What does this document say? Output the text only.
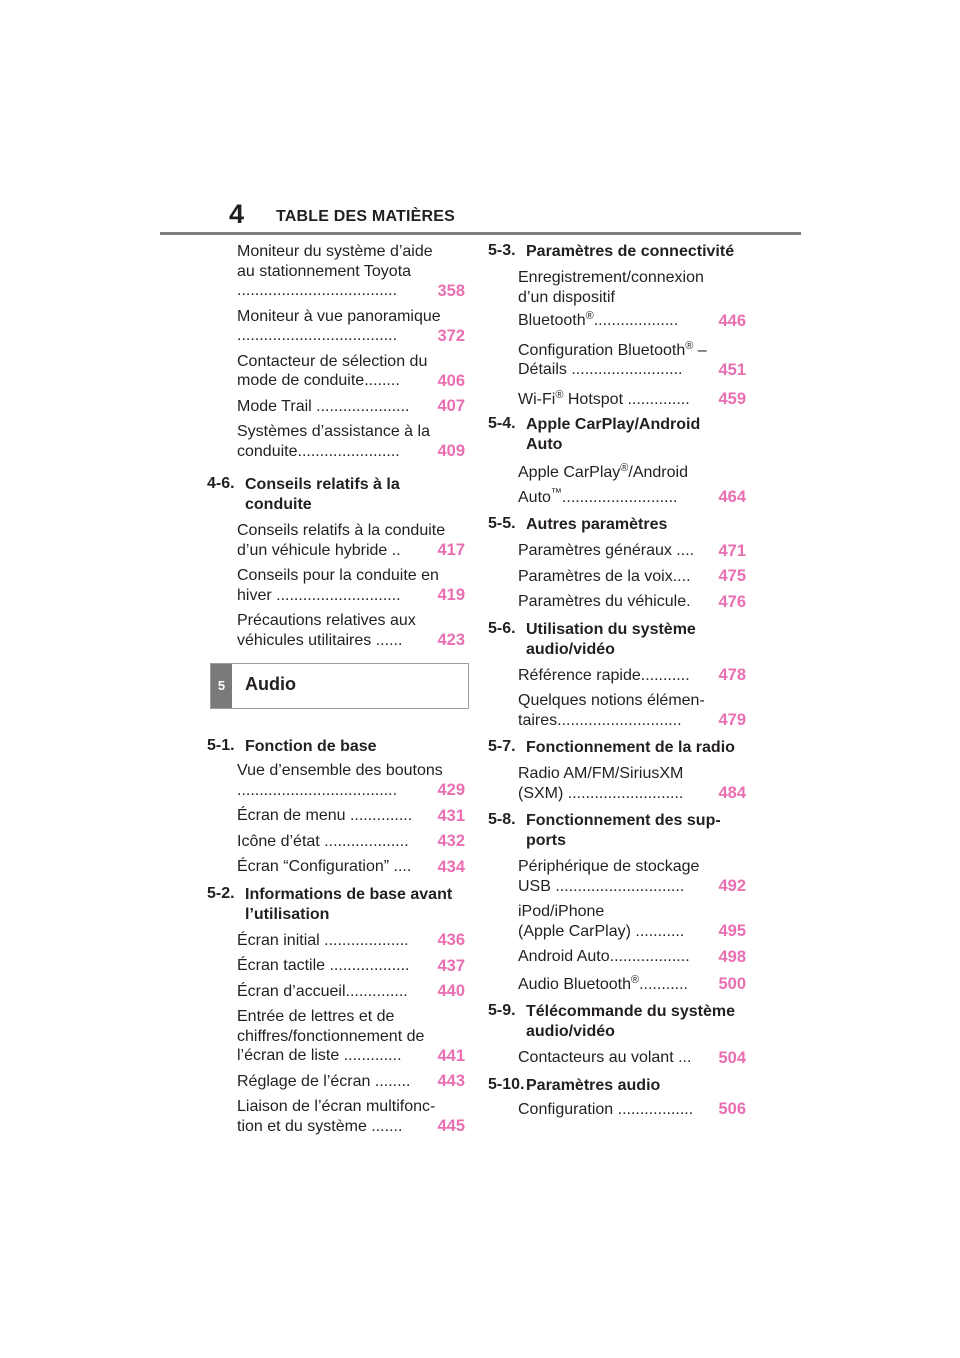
4 TABLE DES MATIÈRES
Moniteur du système d’aide
au stationnement Toyota
....................................	358
Moniteur à vue panoramique
....................................	372
Contacteur de sélection du
mode de conduite........	406
Mode Trail .....................	407
Systèmes d’assistance à la
conduite.......................	409
4-6. Conseils relatifs à la
conduite
Conseils relatifs à la conduite
d’un véhicule hybride ..	417
Conseils pour la conduite en
hiver ............................	419
Précautions relatives aux
véhicules utilitaires ......	423
5	Audio
5-1. Fonction de base
Vue d’ensemble des boutons
....................................	429
Écran de menu ..............	431
Icône d’état ...................	432
Écran “Configuration” ....	434
5-2. Informations de base avant
l’utilisation
Écran initial ...................	436
Écran tactile ..................	437
Écran d’accueil..............	440
Entrée de lettres et de
chiffres/fonctionnement de
l’écran de liste .............	441
Réglage de l’écran ........	443
Liaison de l’écran multifonc-
tion et du système .......	445
5-3. Paramètres de connectivité
Enregistrement/connexion
d’un dispositif
Bluetooth®...................	446
Configuration Bluetooth® –
Détails .........................	451
Wi-Fi® Hotspot ..............	459
5-4. Apple CarPlay/Android
Auto
Apple CarPlay®/Android
Auto™..........................	464
5-5. Autres paramètres
Paramètres généraux ....	471
Paramètres de la voix....	475
Paramètres du véhicule.	476
5-6. Utilisation du système
audio/vidéo
Référence rapide...........	478
Quelques notions élémen-
taires............................	479
5-7. Fonctionnement de la radio
Radio AM/FM/SiriusXM
(SXM) ..........................	484
5-8. Fonctionnement des sup-
ports
Périphérique de stockage
USB .............................	492
iPod/iPhone
(Apple CarPlay) ...........	495
Android Auto..................	498
Audio Bluetooth®...........	500
5-9. Télécommande du système
audio/vidéo
Contacteurs au volant ...	504
5-10. Paramètres audio
Configuration .................	506
